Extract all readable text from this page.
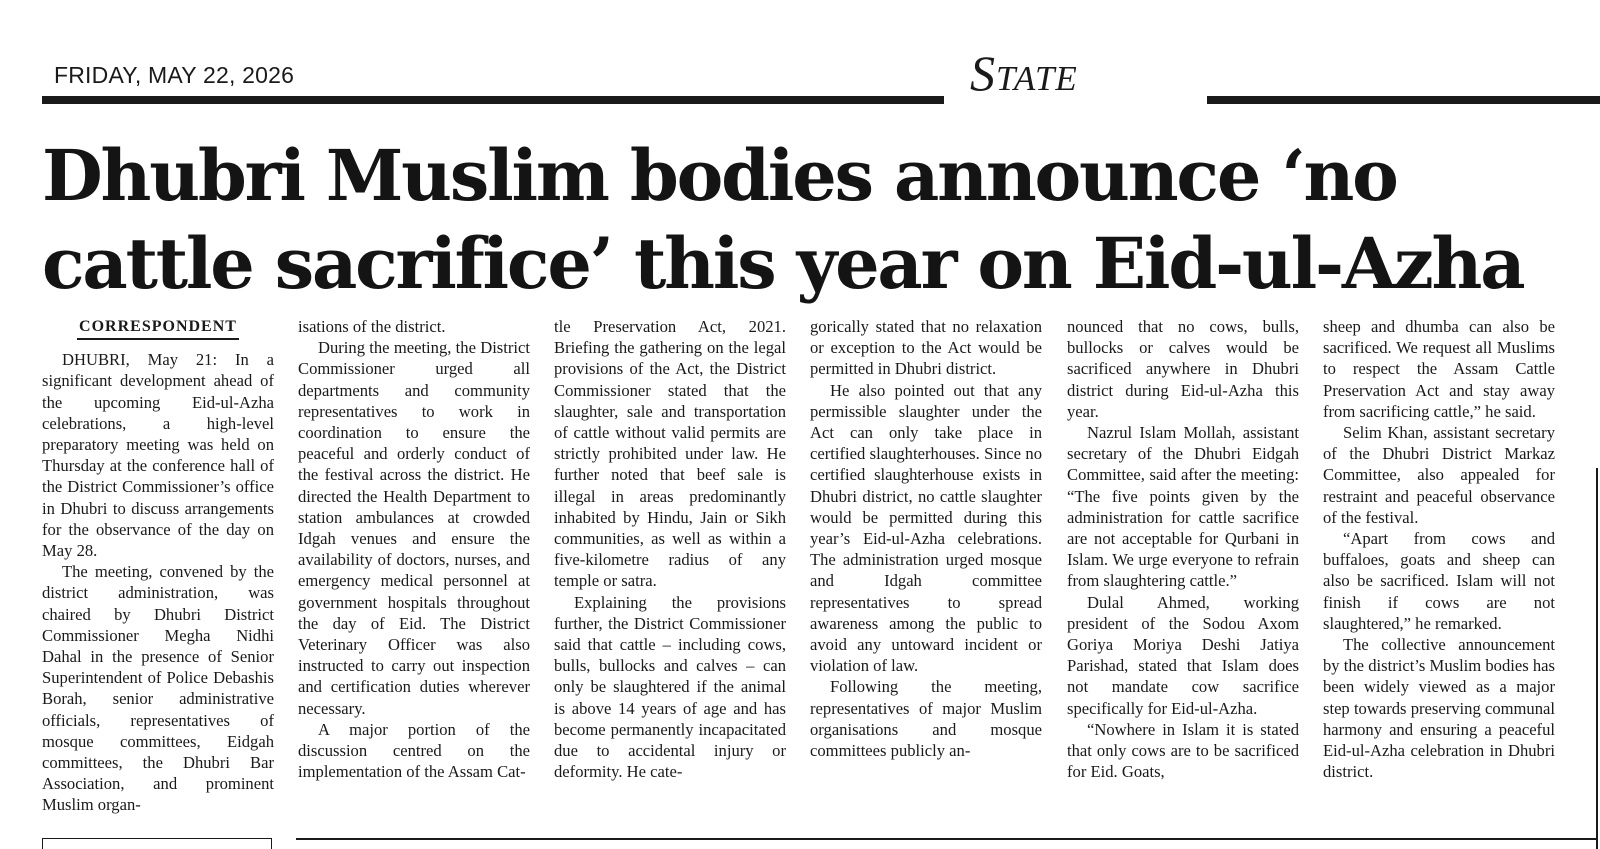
FRIDAY, MAY 22, 2026	State
Dhubri Muslim bodies announce ‘no cattle sacrifice’ this year on Eid-ul-Azha
CORRESPONDENT

DHUBRI, May 21: In a significant development ahead of the upcoming Eid-ul-Azha celebrations, a high-level preparatory meeting was held on Thursday at the conference hall of the District Commissioner’s office in Dhubri to discuss arrangements for the observance of the day on May 28.

The meeting, convened by the district administration, was chaired by Dhubri District Commissioner Megha Nidhi Dahal in the presence of Senior Superintendent of Police Debashis Borah, senior administrative officials, representatives of mosque committees, Eidgah committees, the Dhubri Bar Association, and prominent Muslim organ-

isations of the district.

During the meeting, the District Commissioner urged all departments and community representatives to work in coordination to ensure the peaceful and orderly conduct of the festival across the district. He directed the Health Department to station ambulances at crowded Idgah venues and ensure the availability of doctors, nurses, and emergency medical personnel at government hospitals throughout the day of Eid. The District Veterinary Officer was also instructed to carry out inspection and certification duties wherever necessary.

A major portion of the discussion centred on the implementation of the Assam Cat-

tle Preservation Act, 2021. Briefing the gathering on the legal provisions of the Act, the District Commissioner stated that the slaughter, sale and transportation of cattle without valid permits are strictly prohibited under law. He further noted that beef sale is illegal in areas predominantly inhabited by Hindu, Jain or Sikh communities, as well as within a five-kilometre radius of any temple or satra.

Explaining the provisions further, the District Commissioner said that cattle – including cows, bulls, bullocks and calves – can only be slaughtered if the animal is above 14 years of age and has become permanently incapacitated due to accidental injury or deformity. He cate-

gorically stated that no relaxation or exception to the Act would be permitted in Dhubri district.

He also pointed out that any permissible slaughter under the Act can only take place in certified slaughterhouses. Since no certified slaughterhouse exists in Dhubri district, no cattle slaughter would be permitted during this year’s Eid-ul-Azha celebrations. The administration urged mosque and Idgah committee representatives to spread awareness among the public to avoid any untoward incident or violation of law.

Following the meeting, representatives of major Muslim organisations and mosque committees publicly an-

nounced that no cows, bulls, bullocks or calves would be sacrificed anywhere in Dhubri district during Eid-ul-Azha this year.

Nazrul Islam Mollah, assistant secretary of the Dhubri Eidgah Committee, said after the meeting: “The five points given by the administration for cattle sacrifice are not acceptable for Qurbani in Islam. We urge everyone to refrain from slaughtering cattle.”

Dulal Ahmed, working president of the Sodou Axom Goriya Moriya Deshi Jatiya Parishad, stated that Islam does not mandate cow sacrifice specifically for Eid-ul-Azha.

“Nowhere in Islam it is stated that only cows are to be sacrificed for Eid. Goats,

sheep and dhumba can also be sacrificed. We request all Muslims to respect the Assam Cattle Preservation Act and stay away from sacrificing cattle,” he said.

Selim Khan, assistant secretary of the Dhubri District Markaz Committee, also appealed for restraint and peaceful observance of the festival.

“Apart from cows and buffaloes, goats and sheep can also be sacrificed. Islam will not finish if cows are not slaughtered,” he remarked.

The collective announcement by the district’s Muslim bodies has been widely viewed as a major step towards preserving communal harmony and ensuring a peaceful Eid-ul-Azha celebration in Dhubri district.
